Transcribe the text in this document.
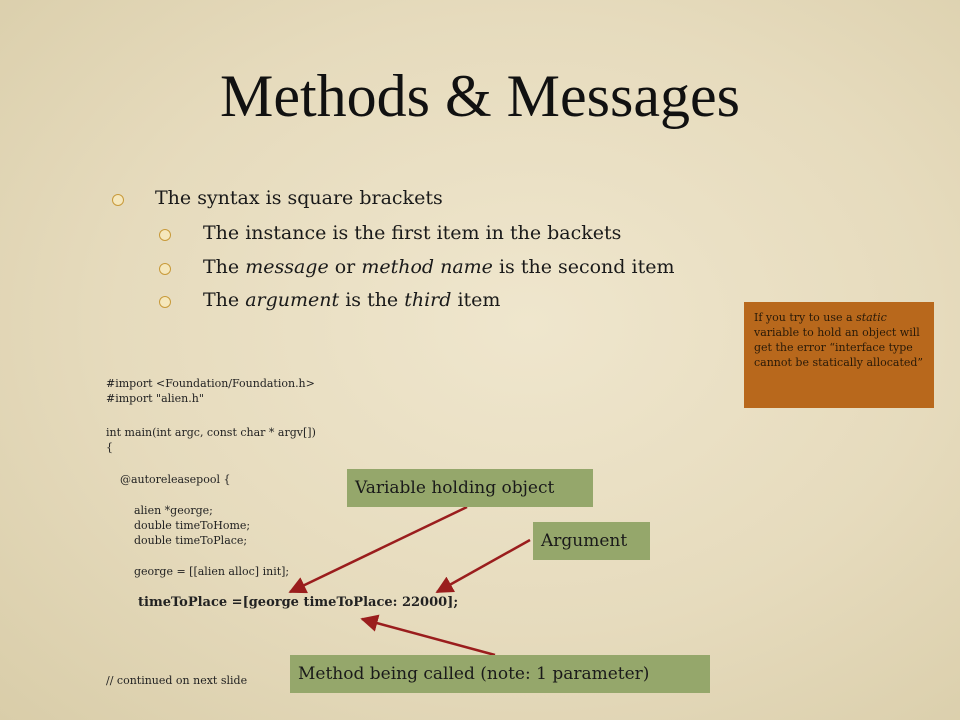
Methods & Messages
The syntax is square brackets
The instance is the first item in the backets
The message or method name is the second item
The argument is the third item
#import <Foundation/Foundation.h>
#import "alien.h"
int main(int argc, const char * argv[])
{
@autoreleasepool {
alien *george;
double timeToHome;
double timeToPlace;
george = [[alien alloc] init];
timeToPlace =[george timeToPlace: 22000];
// continued on next slide
If you try to use a static variable to hold an object will get the error “interface type cannot be statically allocated”
Variable holding object
Argument
Method being called (note: 1 parameter)
